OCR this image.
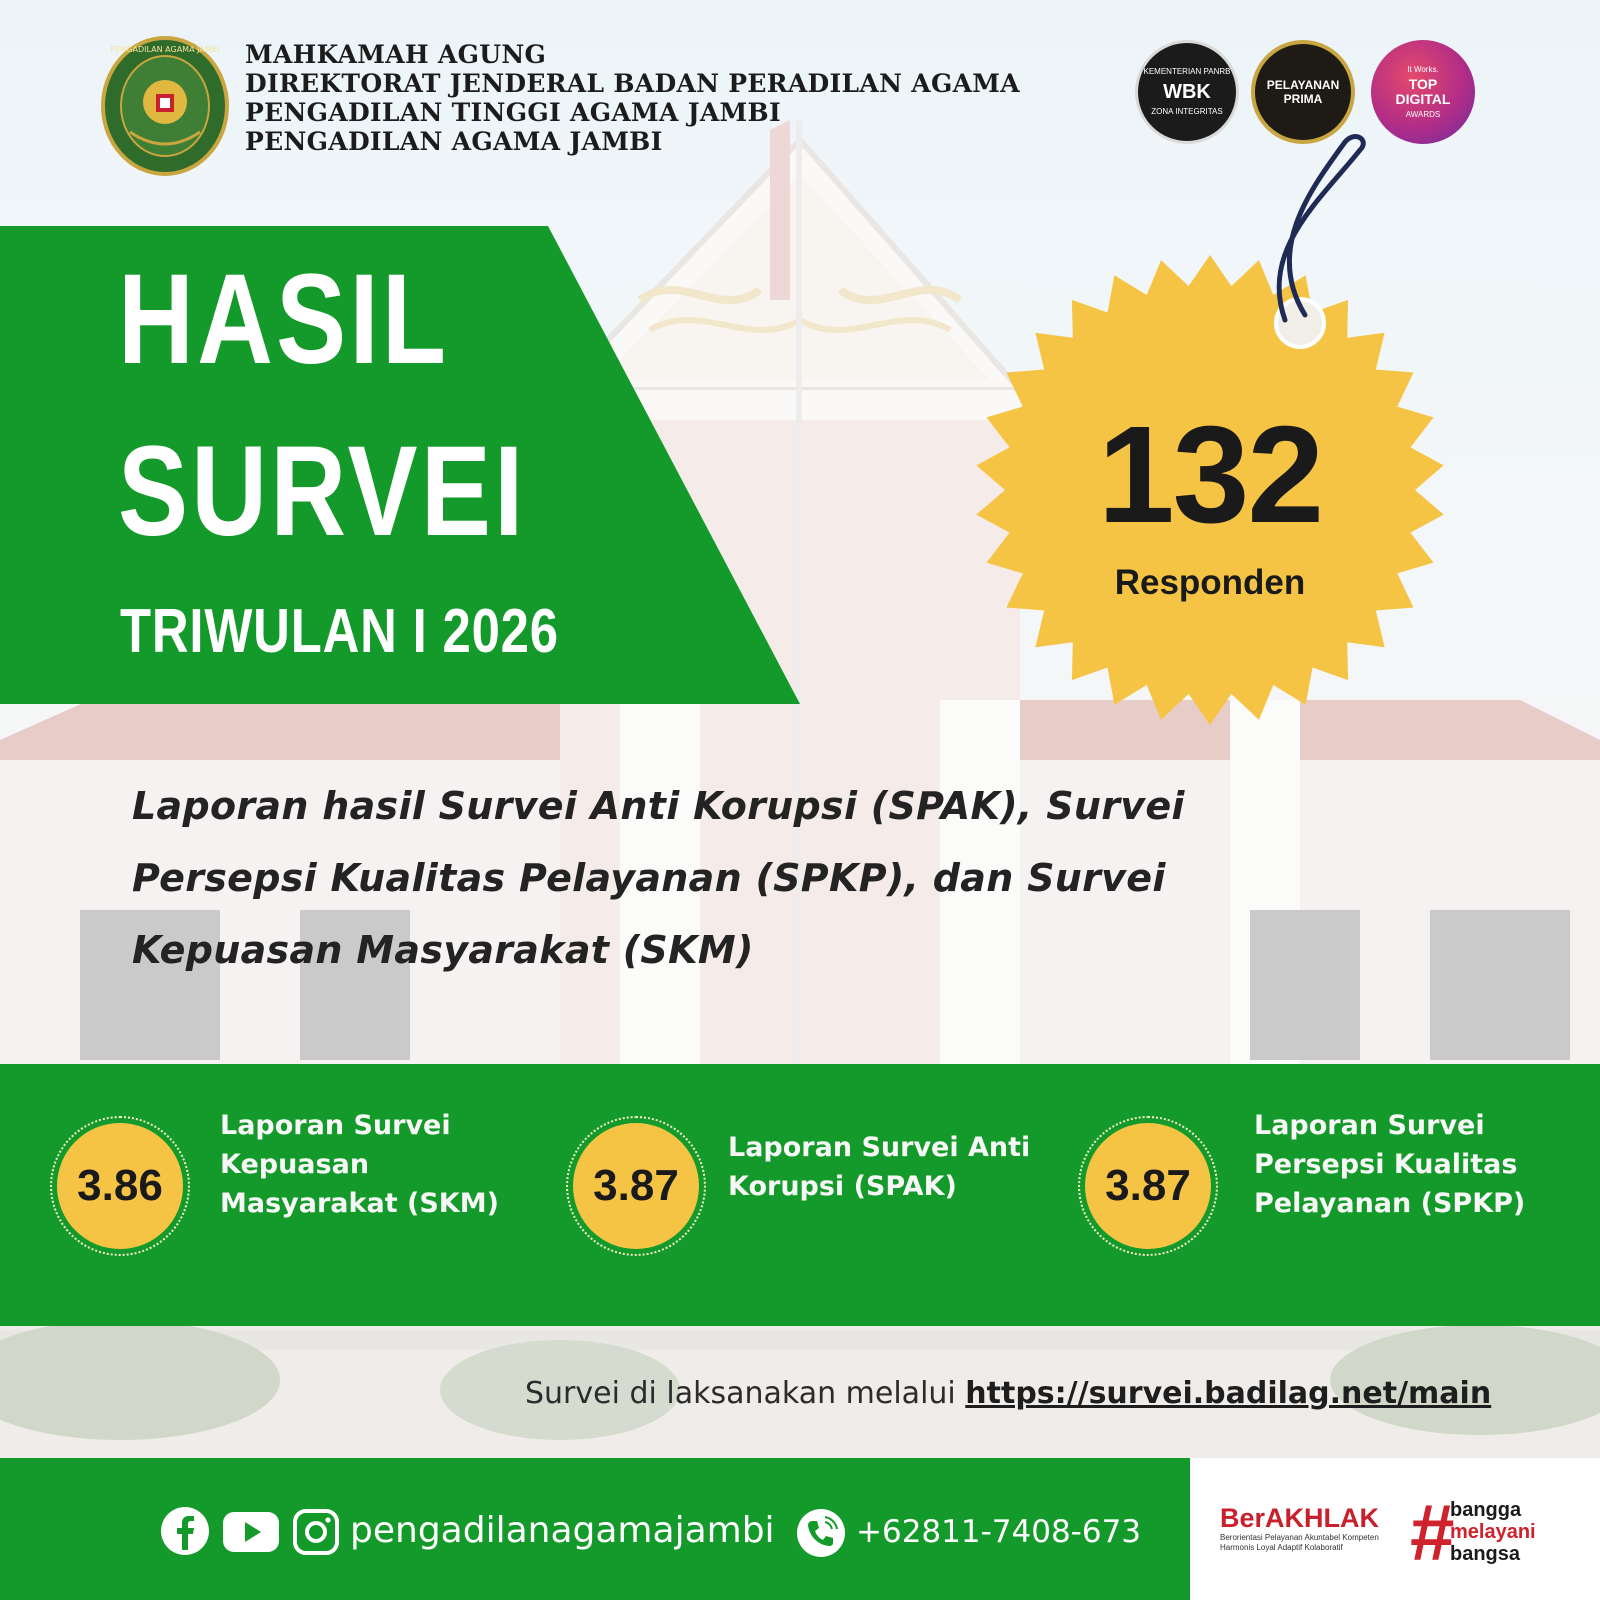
PENGADILAN AGAMA JAMBI MAHKAMAH AGUNG
DIREKTORAT JENDERAL BADAN PERADILAN AGAMA
PENGADILAN TINGGI AGAMA JAMBI
PENGADILAN AGAMA JAMBI
KEMENTERIAN PANRB
WBK
ZONA INTEGRITAS
PELAYANAN
PRIMA
It Works.
TOP
DIGITAL
AWARDS
HASIL
SURVEI
TRIWULAN I 2026
132
Responden
Laporan hasil Survei Anti Korupsi (SPAK), Survei
Persepsi Kualitas Pelayanan (SPKP), dan Survei
Kepuasan Masyarakat (SKM)
3.86
Laporan Survei
Kepuasan
Masyarakat (SKM)	3.87
Laporan Survei Anti
Korupsi (SPAK)	3.87
Laporan Survei
Persepsi Kualitas
Pelayanan (SPKP)
Survei di laksanakan melalui https://survei.badilag.net/main
pengadilanagamajambi	+62811-7408-673	BerAKHLAK
Berorientasi Pelayanan Akuntabel Kompeten
Harmonis Loyal Adaptif Kolaboratif #
bangga
melayani
bangsa
